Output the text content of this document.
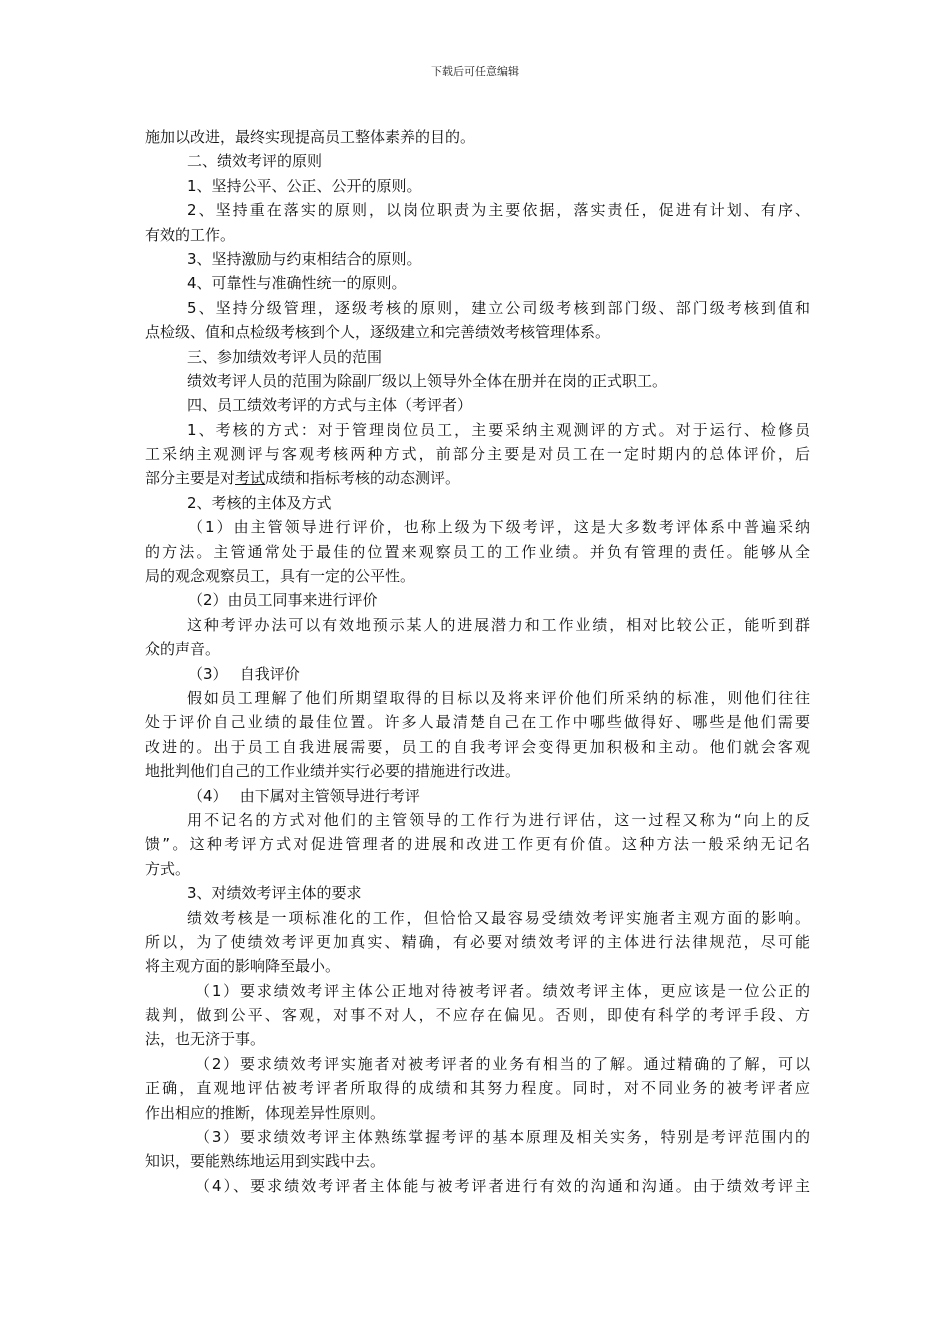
下载后可任意编辑
施加以改进，最终实现提高员工整体素养的目的。
二、绩效考评的原则
1、坚持公平、公正、公开的原则。
2、坚持重在落实的原则，以岗位职责为主要依据，落实责任，促进有计划、有序、
有效的工作。
3、坚持激励与约束相结合的原则。
4、可靠性与准确性统一的原则。
5、坚持分级管理，逐级考核的原则，建立公司级考核到部门级、部门级考核到值和
点检级、值和点检级考核到个人，逐级建立和完善绩效考核管理体系。
三、参加绩效考评人员的范围
绩效考评人员的范围为除副厂级以上领导外全体在册并在岗的正式职工。
四、员工绩效考评的方式与主体（考评者）
1、考核的方式：对于管理岗位员工，主要采纳主观测评的方式。对于运行、检修员
工采纳主观测评与客观考核两种方式，前部分主要是对员工在一定时期内的总体评价，后
部分主要是对考试成绩和指标考核的动态测评。
2、考核的主体及方式
（1）由主管领导进行评价，也称上级为下级考评，这是大多数考评体系中普遍采纳
的方法。主管通常处于最佳的位置来观察员工的工作业绩。并负有管理的责任。能够从全
局的观念观察员工，具有一定的公平性。
（2）由员工同事来进行评价
这种考评办法可以有效地预示某人的进展潜力和工作业绩，相对比较公正，能听到群
众的声音。
（3）　 自我评价
假如员工理解了他们所期望取得的目标以及将来评价他们所采纳的标准，则他们往往
处于评价自己业绩的最佳位置。许多人最清楚自己在工作中哪些做得好、哪些是他们需要
改进的。出于员工自我进展需要，员工的自我考评会变得更加积极和主动。他们就会客观
地批判他们自己的工作业绩并实行必要的措施进行改进。
（4）　 由下属对主管领导进行考评
用不记名的方式对他们的主管领导的工作行为进行评估，这一过程又称为“向上的反
馈”。这种考评方式对促进管理者的进展和改进工作更有价值。这种方法一般采纳无记名
方式。
3、对绩效考评主体的要求
绩效考核是一项标准化的工作，但恰恰又最容易受绩效考评实施者主观方面的影响。
所以，为了使绩效考评更加真实、精确，有必要对绩效考评的主体进行法律规范，尽可能
将主观方面的影响降至最小。
（1）要求绩效考评主体公正地对待被考评者。绩效考评主体，更应该是一位公正的
裁判，做到公平、客观，对事不对人，不应存在偏见。否则，即使有科学的考评手段、方
法，也无济于事。
（2）要求绩效考评实施者对被考评者的业务有相当的了解。通过精确的了解，可以
正确，直观地评估被考评者所取得的成绩和其努力程度。同时，对不同业务的被考评者应
作出相应的推断，体现差异性原则。
（3）要求绩效考评主体熟练掌握考评的基本原理及相关实务，特别是考评范围内的
知识，要能熟练地运用到实践中去。
（4）、要求绩效考评者主体能与被考评者进行有效的沟通和沟通。由于绩效考评主
